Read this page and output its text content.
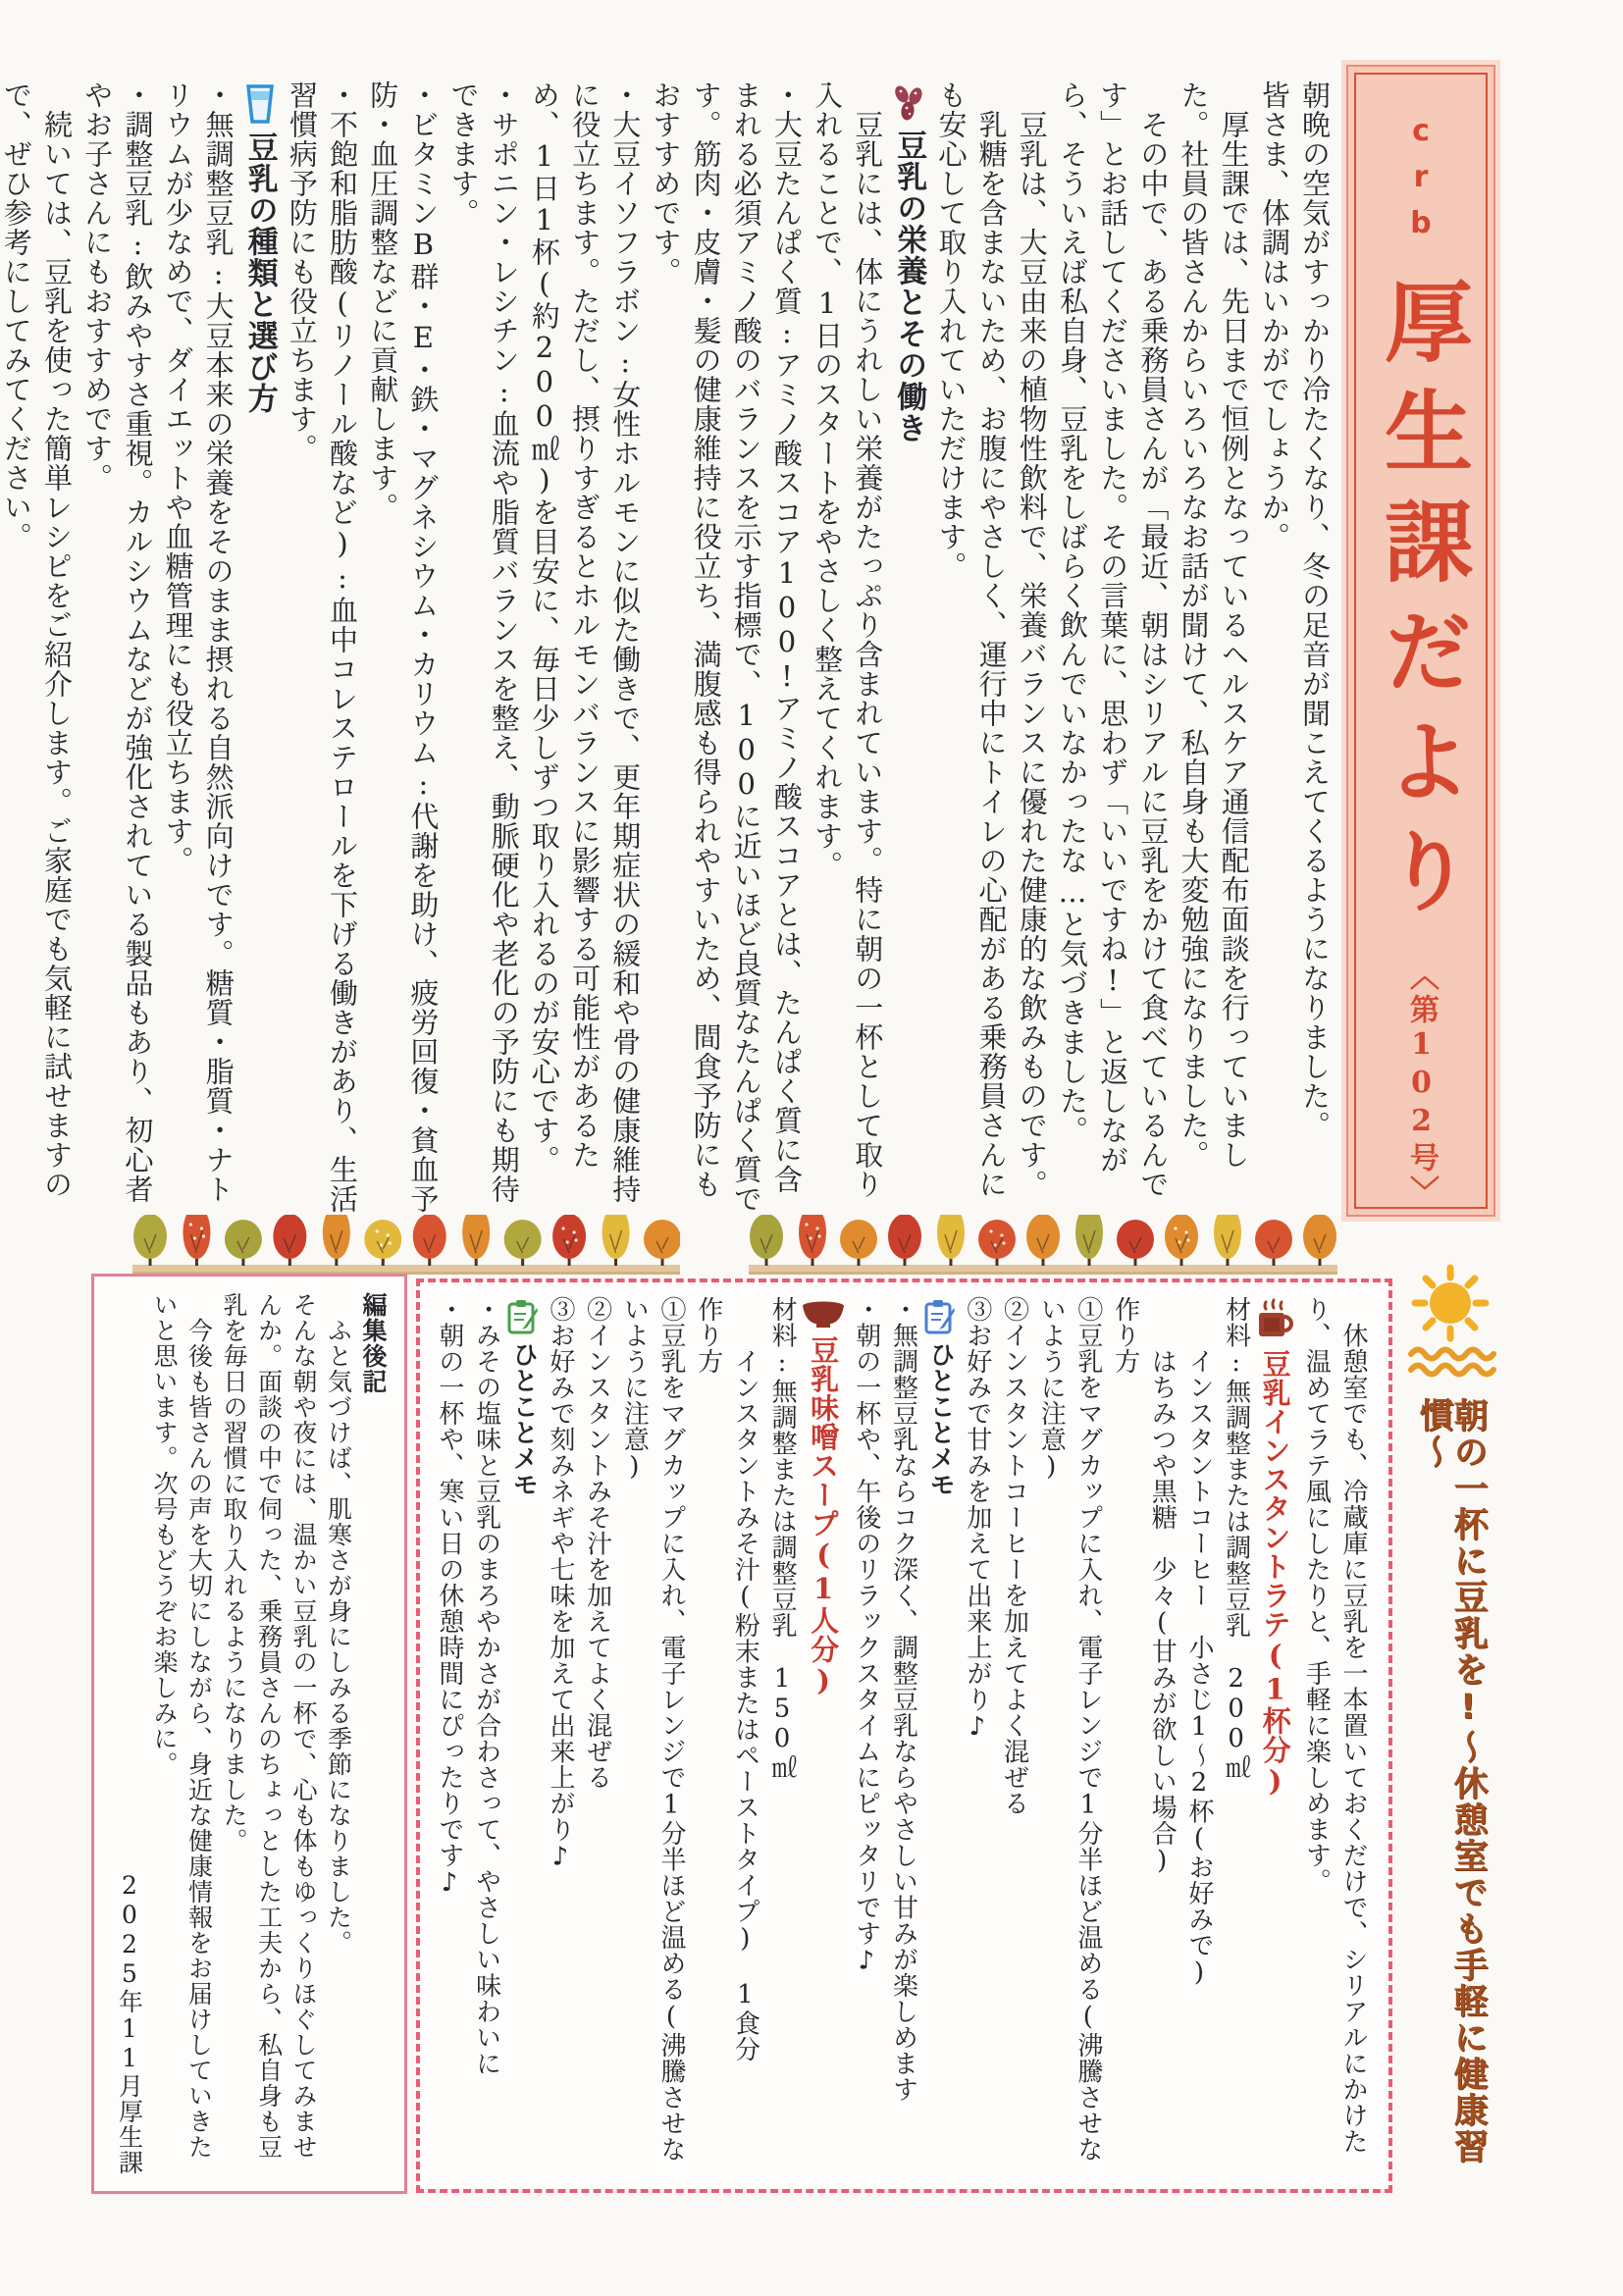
crb
厚生課だより
〈第102号〉

朝晩の空気がすっかり冷たくなり、冬の足音が聞こえてくるようになりました。

皆さま、体調はいかがでしょうか。

　厚生課では、先日まで恒例となっているヘルスケア通信配布面談を行っていました。社員の皆さんからいろいろなお話が聞けて、私自身も大変勉強になりました。

　その中で、ある乗務員さんが「最近、朝はシリアルに豆乳をかけて食べているんです」とお話してくださいました。その言葉に、思わず「いいですね!」と返しながら、そういえば私自身、豆乳をしばらく飲んでいなかったな…と気づきました。

　豆乳は、大豆由来の植物性飲料で、栄養バランスに優れた健康的な飲みものです。

　乳糖を含まないため、お腹にやさしく、運行中にトイレの心配がある乗務員さんにも安心して取り入れていただけます。

豆乳の栄養とその働き

　豆乳には、体にうれしい栄養がたっぷり含まれています。特に朝の一杯として取り入れることで、1日のスタートをやさしく整えてくれます。

・大豆たんぱく質:アミノ酸スコア100!アミノ酸スコアとは、たんぱく質に含まれる必須アミノ酸のバランスを示す指標で、100に近いほど良質なたんぱく質です。筋肉・皮膚・髪の健康維持に役立ち、満腹感も得られやすいため、間食予防にもおすすめです。

・大豆イソフラボン:女性ホルモンに似た働きで、更年期症状の緩和や骨の健康維持に役立ちます。ただし、摂りすぎるとホルモンバランスに影響する可能性があるため、1日1杯(約200㎖)を目安に、毎日少しずつ取り入れるのが安心です。

・サポニン・レシチン:血流や脂質バランスを整え、動脈硬化や老化の予防にも期待できます。

・ビタミンB群・E・鉄・マグネシウム・カリウム:代謝を助け、疲労回復・貧血予防・血圧調整などに貢献します。

・不飽和脂肪酸(リノール酸など):血中コレステロールを下げる働きがあり、生活習慣病予防にも役立ちます。

豆乳の種類と選び方

・無調整豆乳:大豆本来の栄養をそのまま摂れる自然派向けです。糖質・脂質・ナトリウムが少なめで、ダイエットや血糖管理にも役立ちます。

・調整豆乳:飲みやすさ重視。カルシウムなどが強化されている製品もあり、初心者やお子さんにもおすすめです。

　続いては、豆乳を使った簡単レシピをご紹介します。ご家庭でも気軽に試せますので、ぜひ参考にしてみてください。

朝の一杯に豆乳を!〜休憩室でも手軽に健康習慣〜

　休憩室でも、冷蔵庫に豆乳を一本置いておくだけで、シリアルにかけたり、温めてラテ風にしたりと、手軽に楽しめます。

豆乳インスタントラテ(1杯分)

材料:無調整または調整豆乳　200㎖

　　インスタントコーヒー　小さじ1〜2杯(お好みで)

　　はちみつや黒糖　少々(甘みが欲しい場合)

作り方

①豆乳をマグカップに入れ、電子レンジで1分半ほど温める(沸騰させないように注意)

②インスタントコーヒーを加えてよく混ぜる

③お好みで甘みを加えて出来上がり♪

ひとことメモ

・無調整豆乳ならコク深く、調整豆乳ならやさしい甘みが楽しめます

・朝の一杯や、午後のリラックスタイムにピッタリです♪

豆乳味噌スープ(1人分)

材料:無調整または調整豆乳　150㎖

　　インスタントみそ汁(粉末またはペーストタイプ)　1食分

作り方

①豆乳をマグカップに入れ、電子レンジで1分半ほど温める(沸騰させないように注意)

②インスタントみそ汁を加えてよく混ぜる

③お好みで刻みネギや七味を加えて出来上がり♪

ひとことメモ

・みその塩味と豆乳のまろやかさが合わさって、やさしい味わいに

・朝の一杯や、寒い日の休憩時間にぴったりです♪

編集後記

　ふと気づけば、肌寒さが身にしみる季節になりました。

そんな朝や夜には、温かい豆乳の一杯で、心も体もゆっくりほぐしてみませんか。面談の中で伺った、乗務員さんのちょっとした工夫から、私自身も豆乳を毎日の習慣に取り入れるようになりました。

　今後も皆さんの声を大切にしながら、身近な健康情報をお届けしていきたいと思います。次号もどうぞお楽しみに。

2025年11月厚生課
